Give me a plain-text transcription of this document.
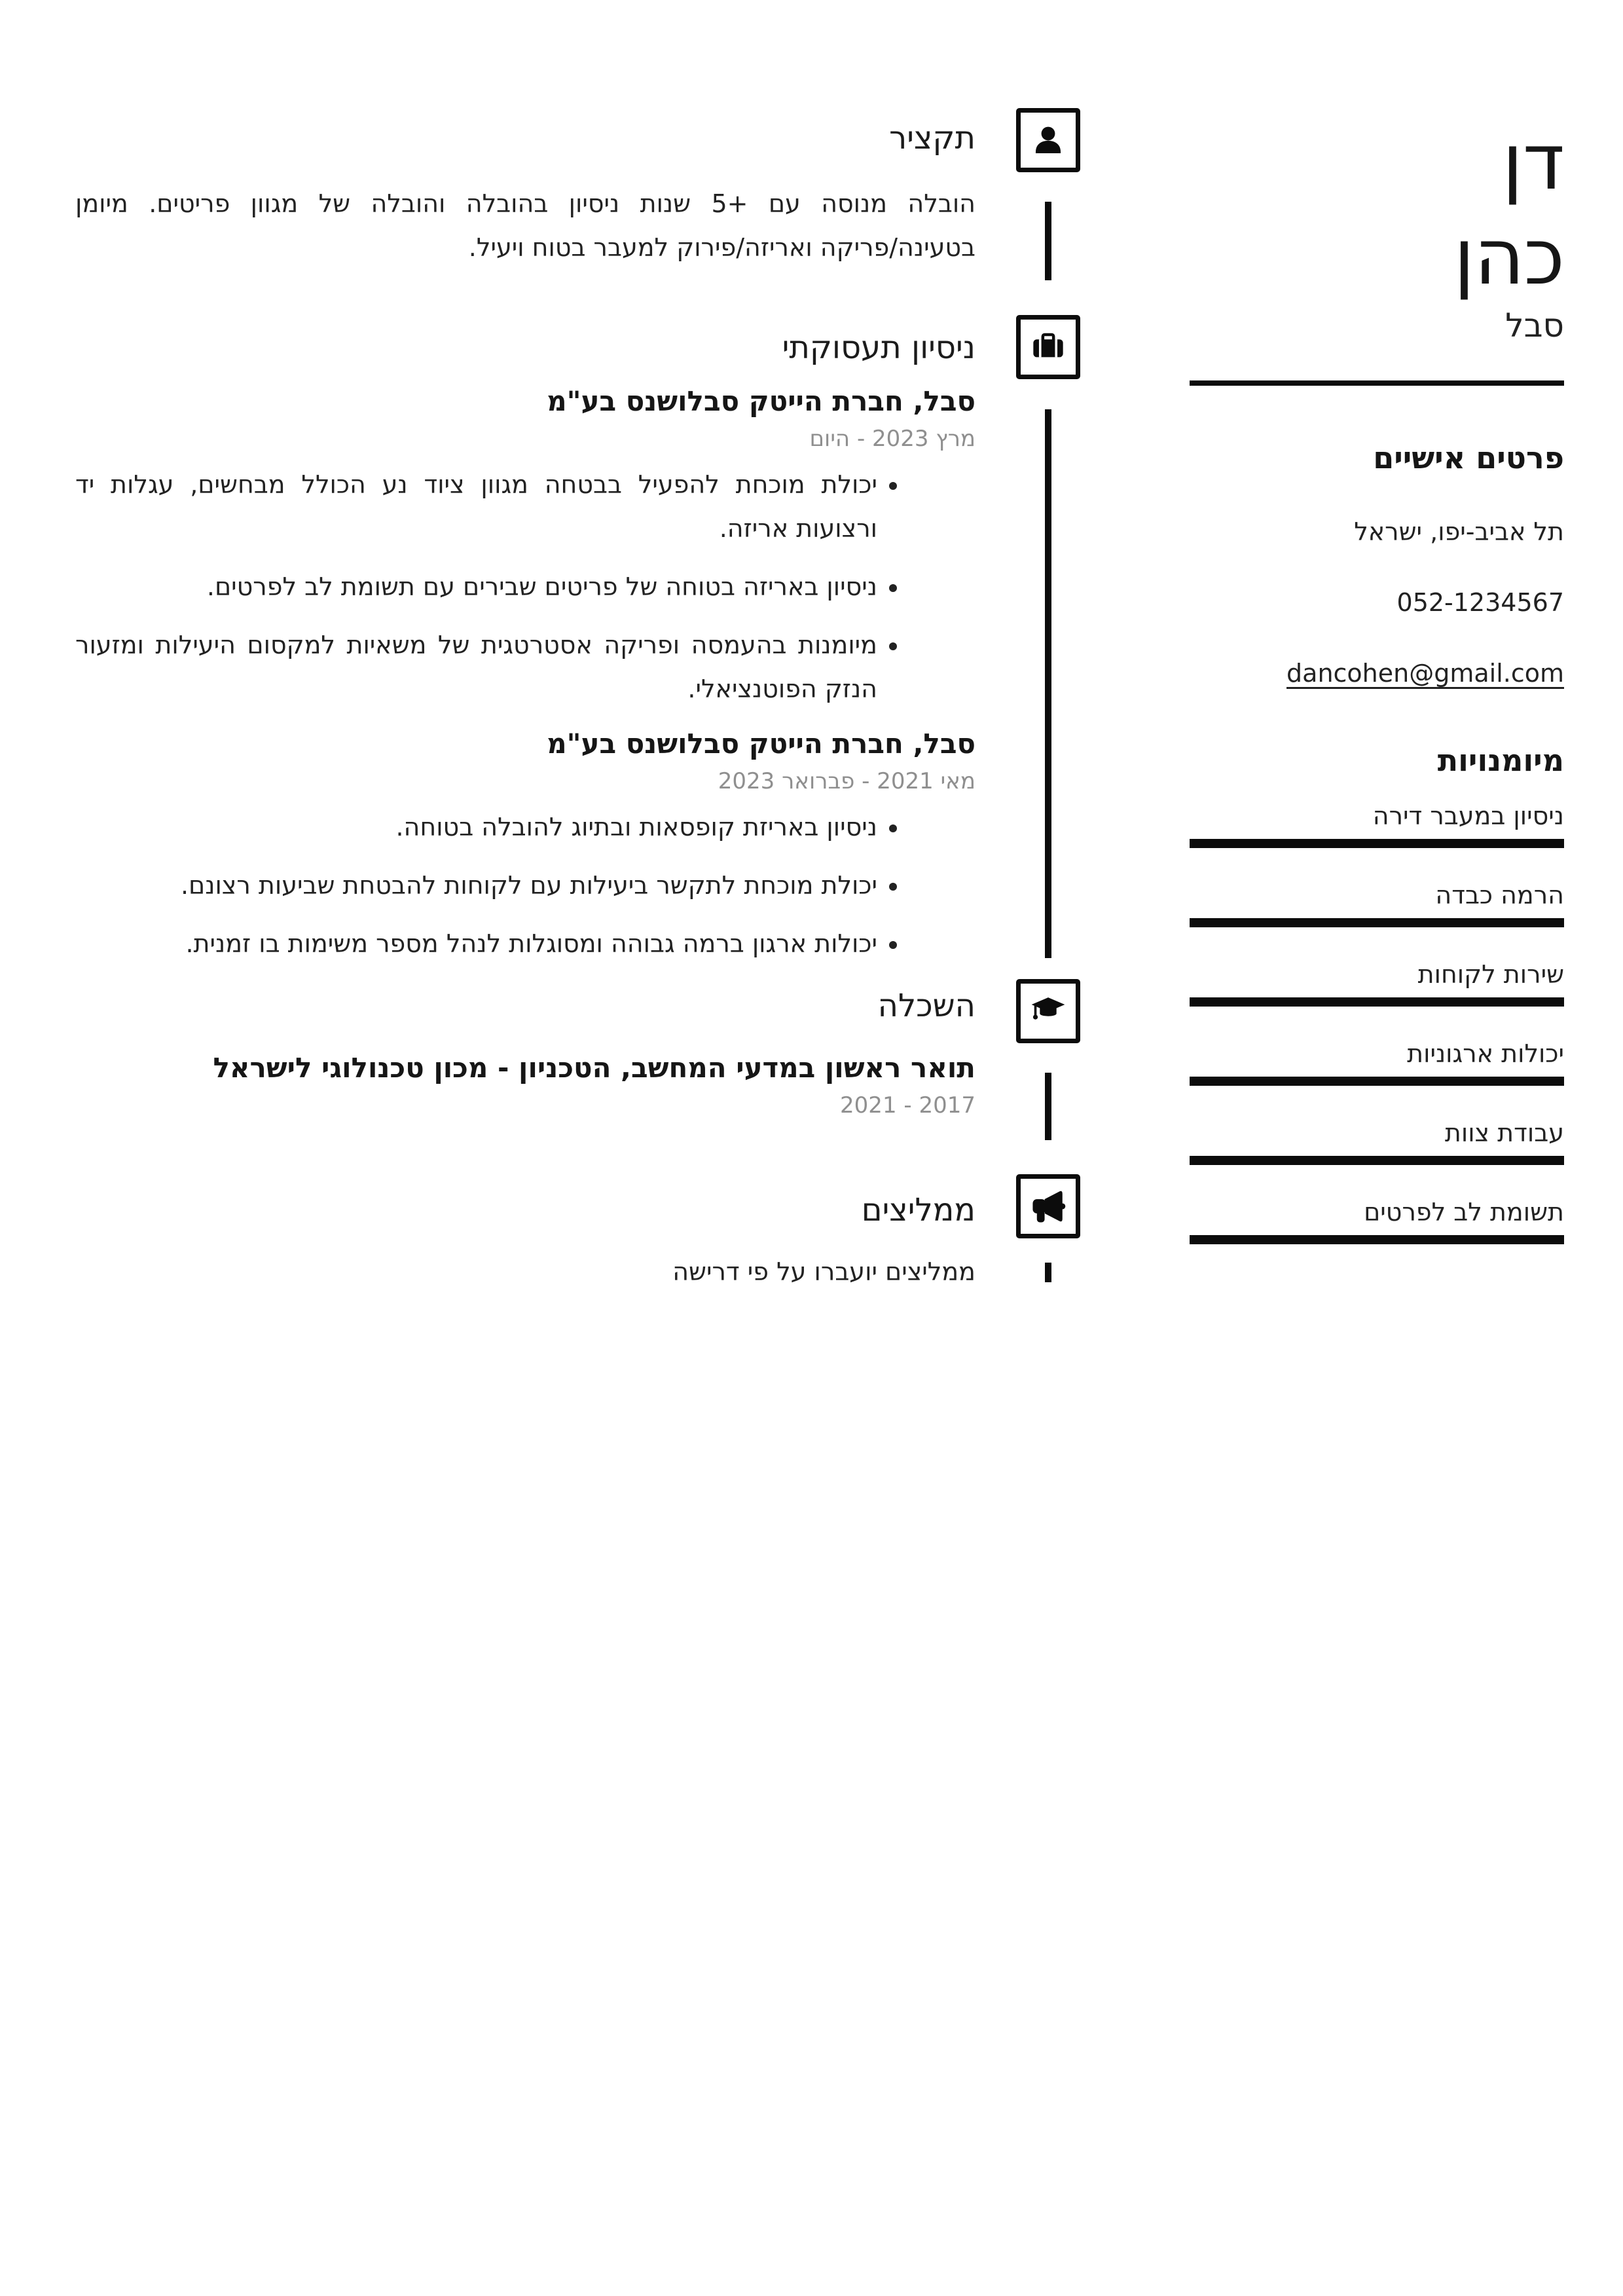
דן
כהן
סבל
פרטים אישיים

תל אביב-יפו, ישראל

052-1234567

dancohen@gmail.com

מיומנויות
ניסיון במעבר דירה
הרמה כבדה
שירות לקוחות
יכולות ארגוניות
עבודת צוות
תשומת לב לפרטים
תקציר

הובלה מנוסה עם +5 שנות ניסיון בהובלה והובלה של מגוון פריטים. מיומן בטעינה/פריקה ואריזה/פירוק למעבר בטוח ויעיל.

ניסיון תעסוקתי
סבל, חברת הייטק סבלושנס בע"מ

מרץ 2023 - היום

• יכולת מוכחת להפעיל בבטחה מגוון ציוד נע הכולל מבחשים, עגלות יד ורצועות אריזה.
• ניסיון באריזה בטוחה של פריטים שבירים עם תשומת לב לפרטים.
• מיומנות בהעמסה ופריקה אסטרטגית של משאיות למקסום היעילות ומזעור הנזק הפוטנציאלי.
סבל, חברת הייטק סבלושנס בע"מ

מאי 2021 - פברואר 2023

• ניסיון באריזת קופסאות ובתיוג להובלה בטוחה.
• יכולת מוכחת לתקשר ביעילות עם לקוחות להבטחת שביעות רצונם.
• יכולות ארגון ברמה גבוהה ומסוגלות לנהל מספר משימות בו זמנית.
השכלה
תואר ראשון במדעי המחשב, הטכניון - מכון טכנולוגי לישראל

2017 - 2021

ממליצים

ממליצים יועברו על פי דרישה
